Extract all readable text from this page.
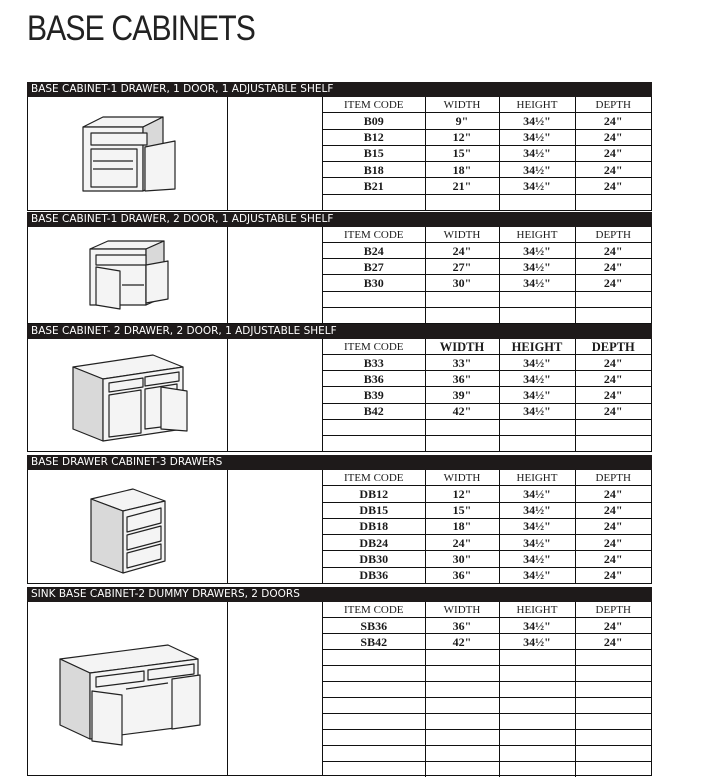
BASE CABINETS
BASE CABINET-1 DRAWER, 1 DOOR, 1 ADJUSTABLE SHELF
ITEM CODE	WIDTH	HEIGHT	DEPTH
B09	9"	34½"	24"
B12	12"	34½"	24"
B15	15"	34½"	24"
B18	18"	34½"	24"
B21	21"	34½"	24"

BASE CABINET-1 DRAWER, 2 DOOR, 1 ADJUSTABLE SHELF
ITEM CODE	WIDTH	HEIGHT	DEPTH
B24	24"	34½"	24"
B27	27"	34½"	24"
B30	30"	34½"	24"

BASE CABINET- 2 DRAWER, 2 DOOR, 1 ADJUSTABLE SHELF
ITEM CODE	WIDTH	HEIGHT	DEPTH
B33	33"	34½"	24"
B36	36"	34½"	24"
B39	39"	34½"	24"
B42	42"	34½"	24"

BASE DRAWER CABINET-3 DRAWERS
ITEM CODE	WIDTH	HEIGHT	DEPTH
DB12	12"	34½"	24"
DB15	15"	34½"	24"
DB18	18"	34½"	24"
DB24	24"	34½"	24"
DB30	30"	34½"	24"
DB36	36"	34½"	24"
SINK BASE CABINET-2 DUMMY DRAWERS, 2 DOORS
ITEM CODE	WIDTH	HEIGHT	DEPTH
SB36	36"	34½"	24"
SB42	42"	34½"	24"
